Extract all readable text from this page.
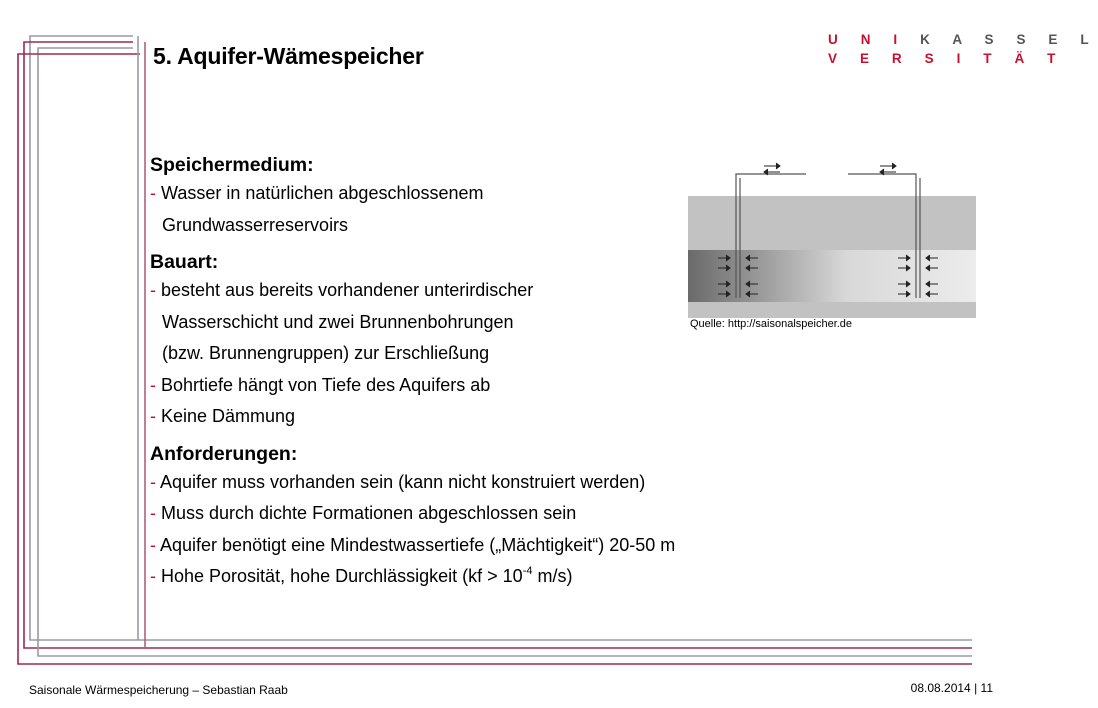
5. Aquifer-Wämespeicher
U N I K A S S E L
V E R S I T Ä T
Speichermedium:
- Wasser in natürlichen abgeschlossenem
Grundwasserreservoirs
Bauart:
- besteht aus bereits vorhandener unterirdischer
Wasserschicht und zwei Brunnenbohrungen
(bzw. Brunnengruppen) zur Erschließung
- Bohrtiefe hängt von Tiefe des Aquifers ab
- Keine Dämmung
Anforderungen:
- Aquifer muss vorhanden sein (kann nicht konstruiert werden)
- Muss durch dichte Formationen abgeschlossen sein
- Aquifer benötigt eine Mindestwassertiefe („Mächtigkeit“) 20-50 m
- Hohe Porosität, hohe Durchlässigkeit ($kf > 10^{-4}$ m/s)
Quelle: http://saisonalspeicher.de
Saisonale Wärmespeicherung – Sebastian Raab	08.08.2014 | 11
